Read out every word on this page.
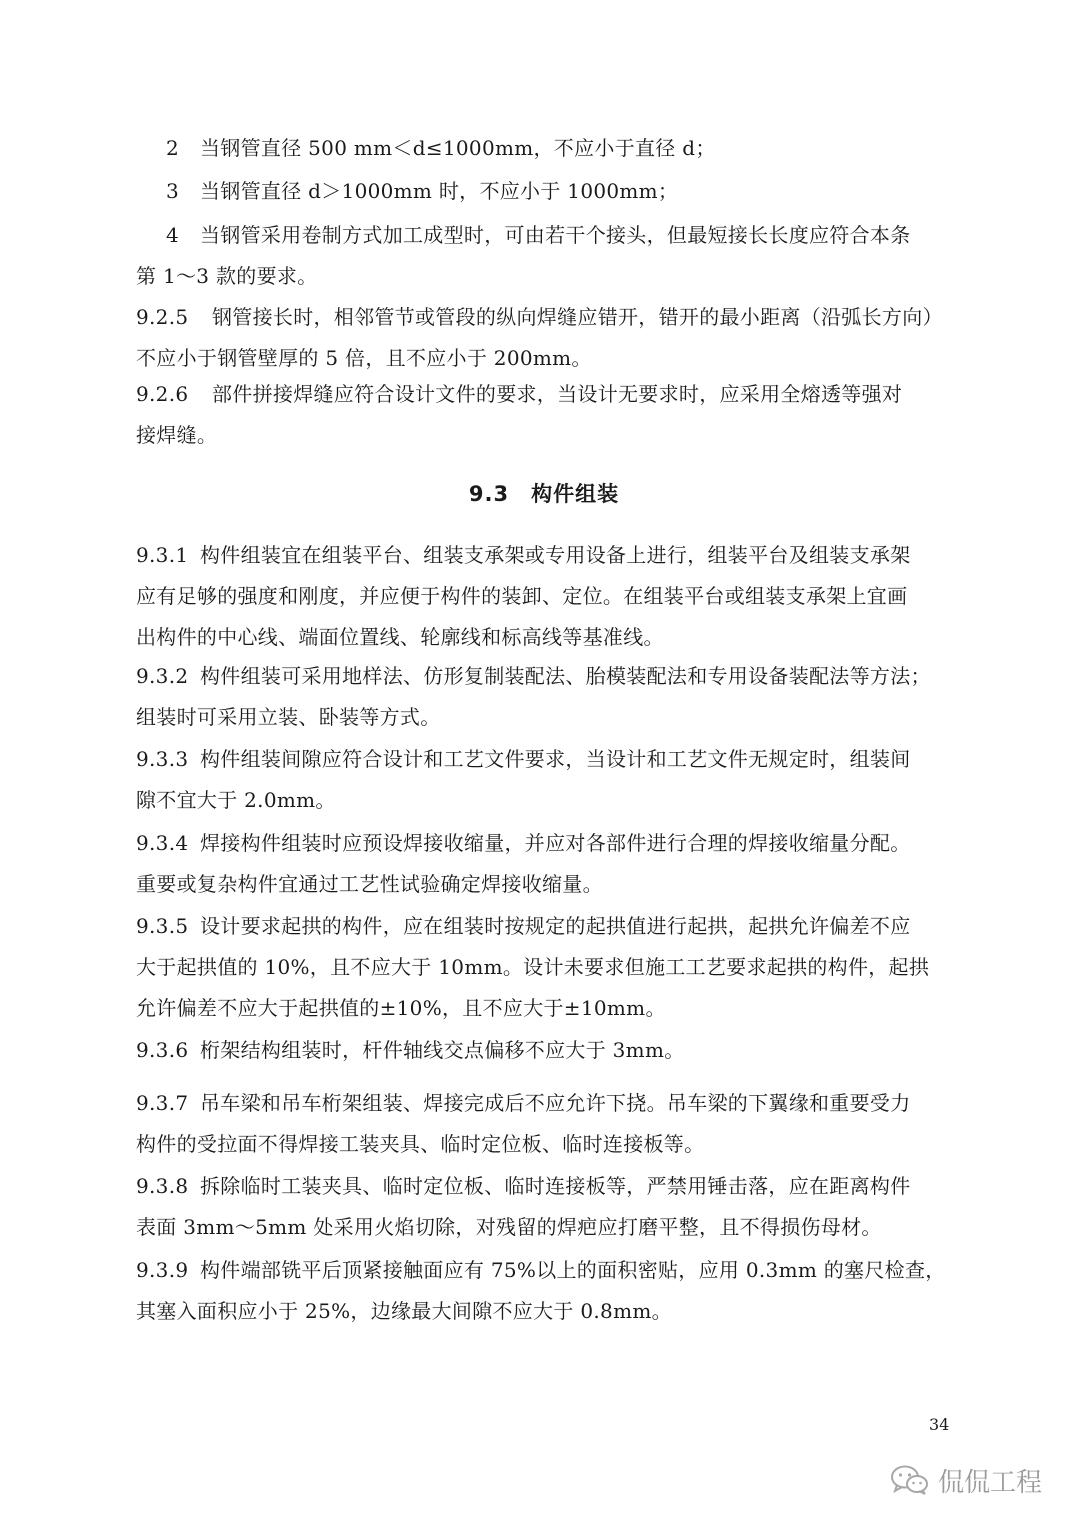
2 当钢管直径 500 mm＜d≤1000mm，不应小于直径 d；
3 当钢管直径 d＞1000mm 时，不应小于 1000mm；
4 当钢管采用卷制方式加工成型时，可由若干个接头，但最短接长长度应符合本条
第 1～3 款的要求。
9.2.5 钢管接长时，相邻管节或管段的纵向焊缝应错开，错开的最小距离（沿弧长方向）
不应小于钢管壁厚的 5 倍，且不应小于 200mm。
9.2.6 部件拼接焊缝应符合设计文件的要求，当设计无要求时，应采用全熔透等强对
接焊缝。
9.3　构件组装
9.3.1 构件组装宜在组装平台、组装支承架或专用设备上进行，组装平台及组装支承架
应有足够的强度和刚度，并应便于构件的装卸、定位。在组装平台或组装支承架上宜画
出构件的中心线、端面位置线、轮廓线和标高线等基准线。
9.3.2 构件组装可采用地样法、仿形复制装配法、胎模装配法和专用设备装配法等方法；
组装时可采用立装、卧装等方式。
9.3.3 构件组装间隙应符合设计和工艺文件要求，当设计和工艺文件无规定时，组装间
隙不宜大于 2.0mm。
9.3.4 焊接构件组装时应预设焊接收缩量，并应对各部件进行合理的焊接收缩量分配。
重要或复杂构件宜通过工艺性试验确定焊接收缩量。
9.3.5 设计要求起拱的构件，应在组装时按规定的起拱值进行起拱，起拱允许偏差不应
大于起拱值的 10%，且不应大于 10mm。设计未要求但施工工艺要求起拱的构件，起拱
允许偏差不应大于起拱值的±10%，且不应大于±10mm。
9.3.6 桁架结构组装时，杆件轴线交点偏移不应大于 3mm。
9.3.7 吊车梁和吊车桁架组装、焊接完成后不应允许下挠。吊车梁的下翼缘和重要受力
构件的受拉面不得焊接工装夹具、临时定位板、临时连接板等。
9.3.8 拆除临时工装夹具、临时定位板、临时连接板等，严禁用锤击落，应在距离构件
表面 3mm～5mm 处采用火焰切除，对残留的焊疤应打磨平整，且不得损伤母材。
9.3.9 构件端部铣平后顶紧接触面应有 75%以上的面积密贴，应用 0.3mm 的塞尺检查，
其塞入面积应小于 25%，边缘最大间隙不应大于 0.8mm。
34
侃侃工程
